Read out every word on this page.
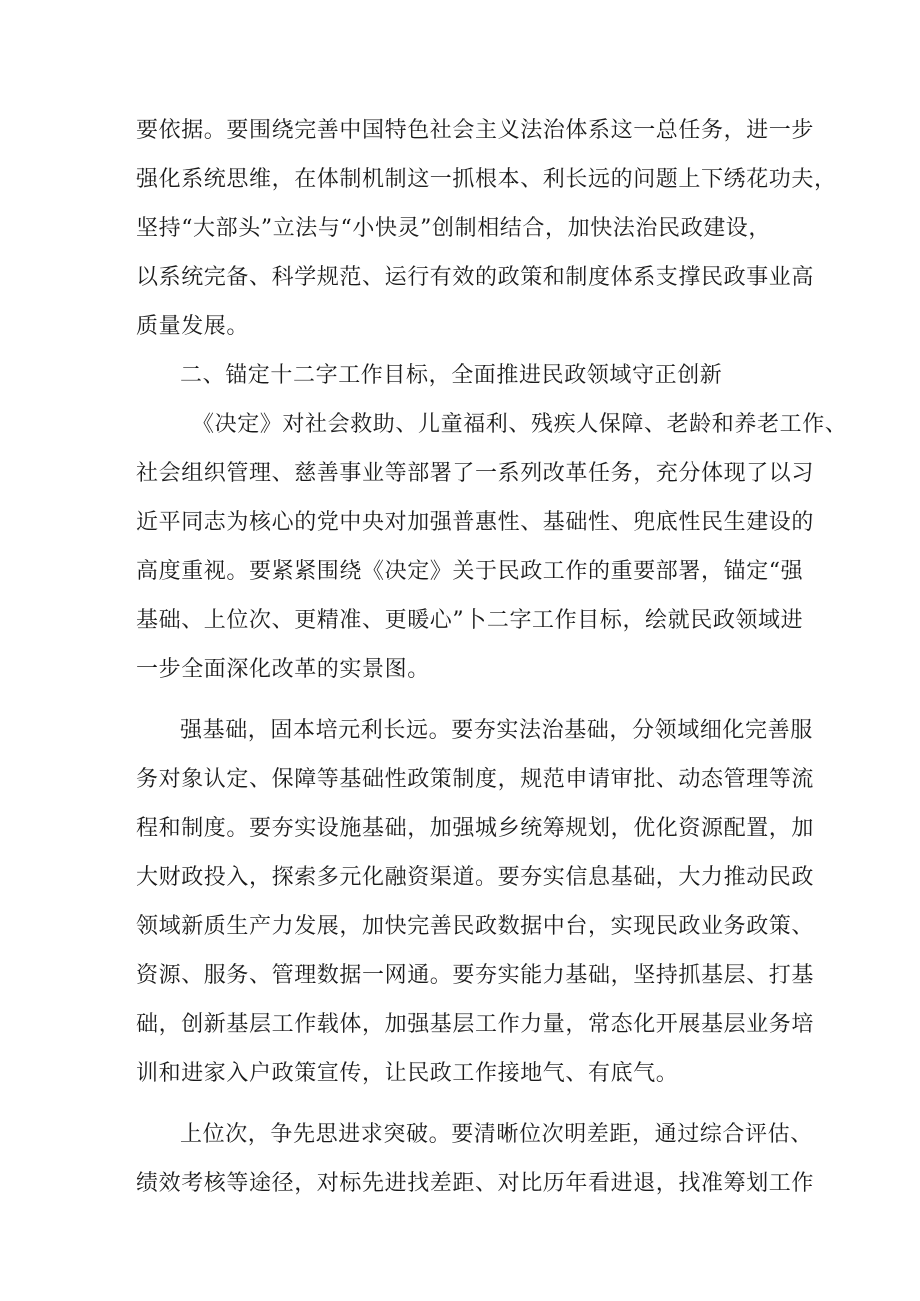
要依据。要围绕完善中国特色社会主义法治体系这一总任务，进一步
强化系统思维，在体制机制这一抓根本、利长远的问题上下绣花功夫，
坚持“大部头”立法与“小快灵”创制相结合，加快法治民政建设，
以系统完备、科学规范、运行有效的政策和制度体系支撑民政事业高
质量发展。
二、锚定十二字工作目标，全面推进民政领域守正创新
《决定》对社会救助、儿童福利、残疾人保障、老龄和养老工作、
社会组织管理、慈善事业等部署了一系列改革任务，充分体现了以习
近平同志为核心的党中央对加强普惠性、基础性、兜底性民生建设的
高度重视。要紧紧围绕《决定》关于民政工作的重要部署，锚定“强
基础、上位次、更精准、更暖心”卜二字工作目标，绘就民政领域进
一步全面深化改革的实景图。
强基础，固本培元利长远。要夯实法治基础，分领域细化完善服
务对象认定、保障等基础性政策制度，规范申请审批、动态管理等流
程和制度。要夯实设施基础，加强城乡统筹规划，优化资源配置，加
大财政投入，探索多元化融资渠道。要夯实信息基础，大力推动民政
领域新质生产力发展，加快完善民政数据中台，实现民政业务政策、
资源、服务、管理数据一网通。要夯实能力基础，坚持抓基层、打基
础，创新基层工作载体，加强基层工作力量，常态化开展基层业务培
训和进家入户政策宣传，让民政工作接地气、有底气。
上位次，争先思进求突破。要清晰位次明差距，通过综合评估、
绩效考核等途径，对标先进找差距、对比历年看进退，找准筹划工作
